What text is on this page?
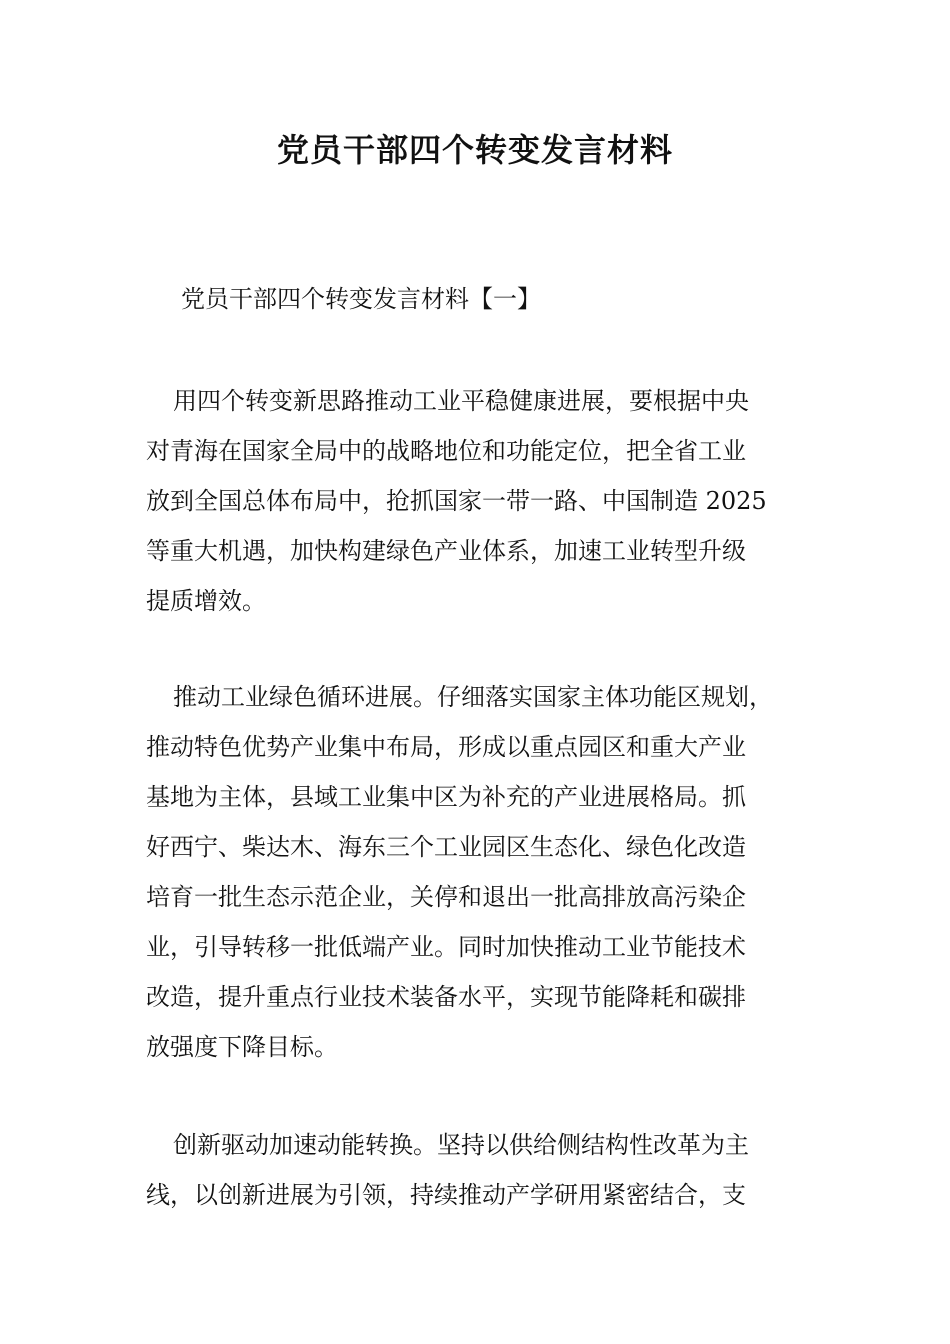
党员干部四个转变发言材料

党员干部四个转变发言材料【一】

用四个转变新思路推动工业平稳健康进展，要根据中央
对青海在国家全局中的战略地位和功能定位，把全省工业
放到全国总体布局中，抢抓国家一带一路、中国制造 2025
等重大机遇，加快构建绿色产业体系，加速工业转型升级
提质增效。
推动工业绿色循环进展。仔细落实国家主体功能区规划，
推动特色优势产业集中布局，形成以重点园区和重大产业
基地为主体，县域工业集中区为补充的产业进展格局。抓
好西宁、柴达木、海东三个工业园区生态化、绿色化改造
培育一批生态示范企业，关停和退出一批高排放高污染企
业，引导转移一批低端产业。同时加快推动工业节能技术
改造，提升重点行业技术装备水平，实现节能降耗和碳排
放强度下降目标。
创新驱动加速动能转换。坚持以供给侧结构性改革为主
线，以创新进展为引领，持续推动产学研用紧密结合，支
